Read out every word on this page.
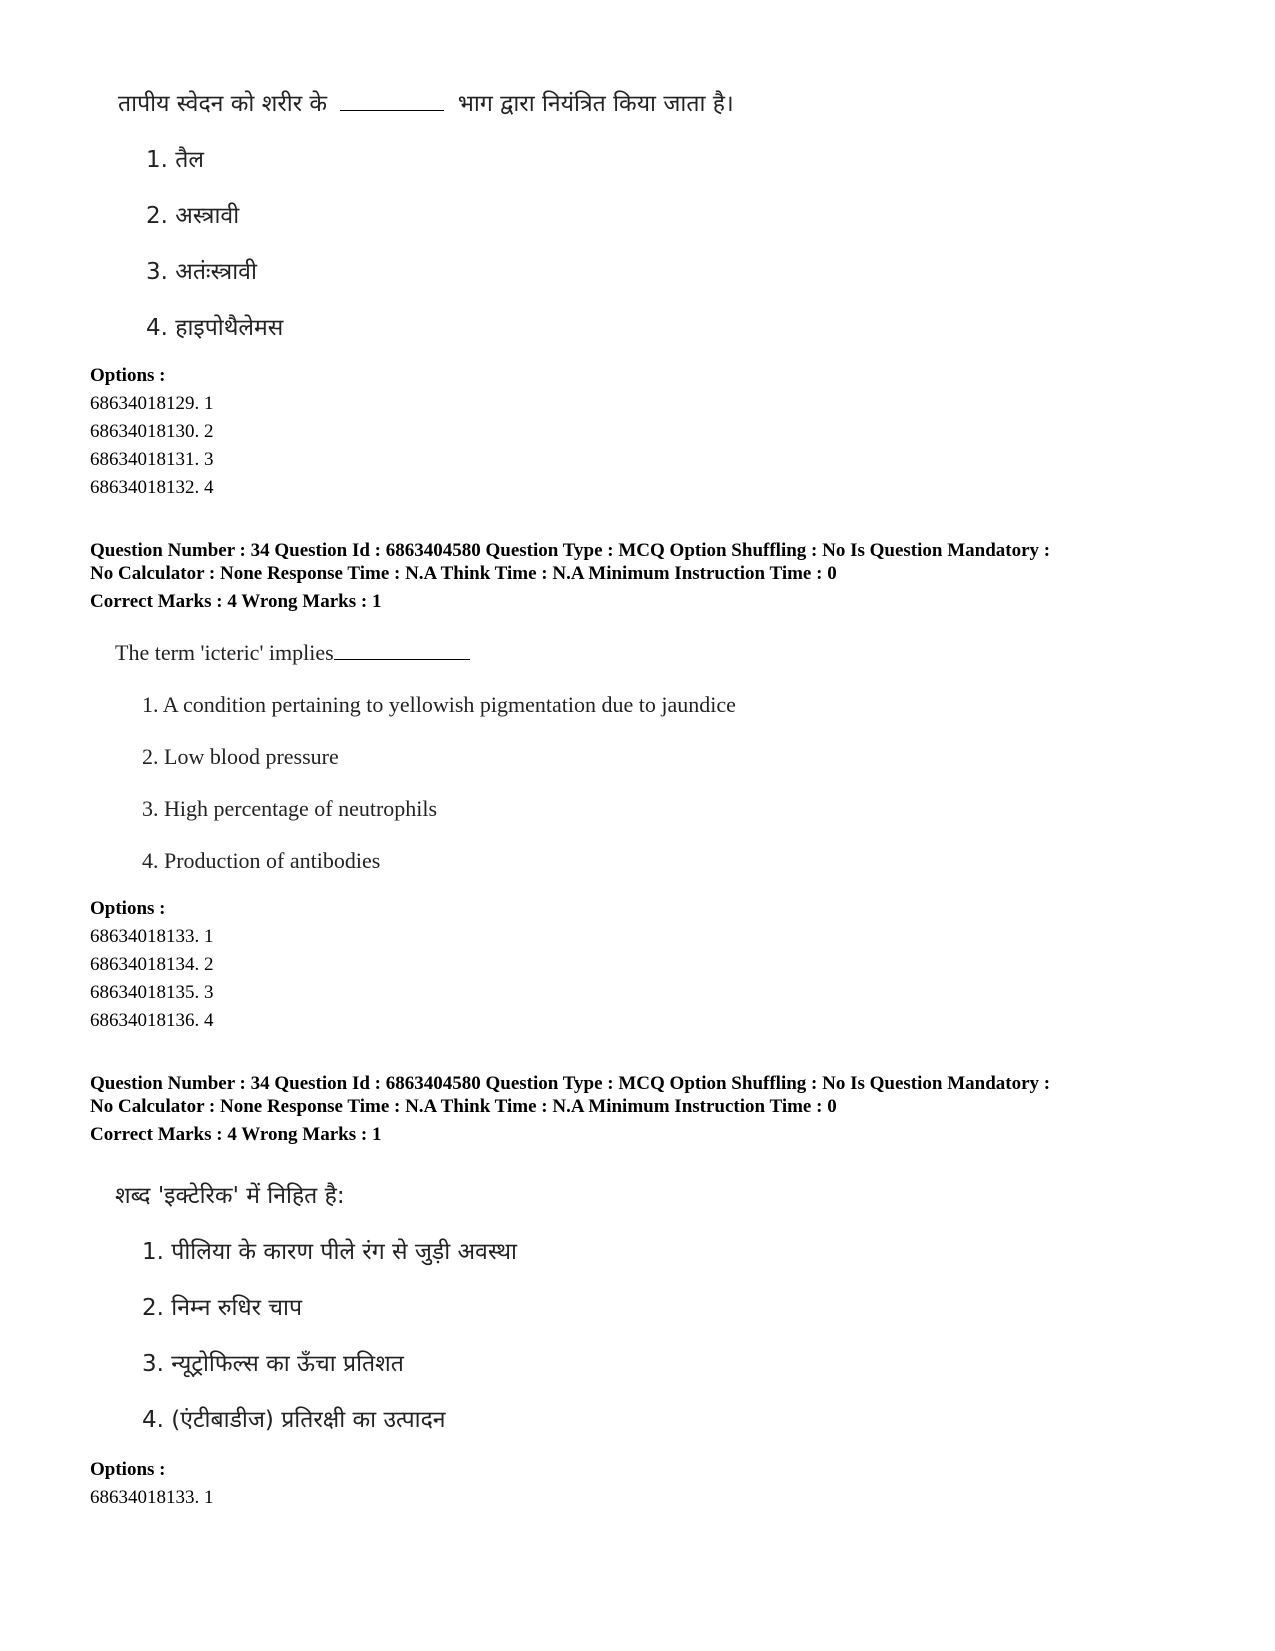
तापीय स्वेदन को शरीर के	भाग द्वारा नियंत्रित किया जाता है।
1. तैल
2. अस्त्रावी
3. अतंःस्त्रावी
4. हाइपोथैलेमस
Options :
68634018129. 1
68634018130. 2
68634018131. 3
68634018132. 4
Question Number : 34 Question Id : 6863404580 Question Type : MCQ Option Shuffling : No Is Question Mandatory :
No Calculator : None Response Time : N.A Think Time : N.A Minimum Instruction Time : 0
Correct Marks : 4 Wrong Marks : 1
The term 'icteric' implies
1. A condition pertaining to yellowish pigmentation due to jaundice
2. Low blood pressure
3. High percentage of neutrophils
4. Production of antibodies
Options :
68634018133. 1
68634018134. 2
68634018135. 3
68634018136. 4
Question Number : 34 Question Id : 6863404580 Question Type : MCQ Option Shuffling : No Is Question Mandatory :
No Calculator : None Response Time : N.A Think Time : N.A Minimum Instruction Time : 0
Correct Marks : 4 Wrong Marks : 1
शब्द 'इक्टेरिक' में निहित है:
1. पीलिया के कारण पीले रंग से जुड़ी अवस्था
2. निम्न रुधिर चाप
3. न्यूट्रोफिल्स का ऊँचा प्रतिशत
4. (एंटीबाडीज) प्रतिरक्षी का उत्पादन
Options :
68634018133. 1
